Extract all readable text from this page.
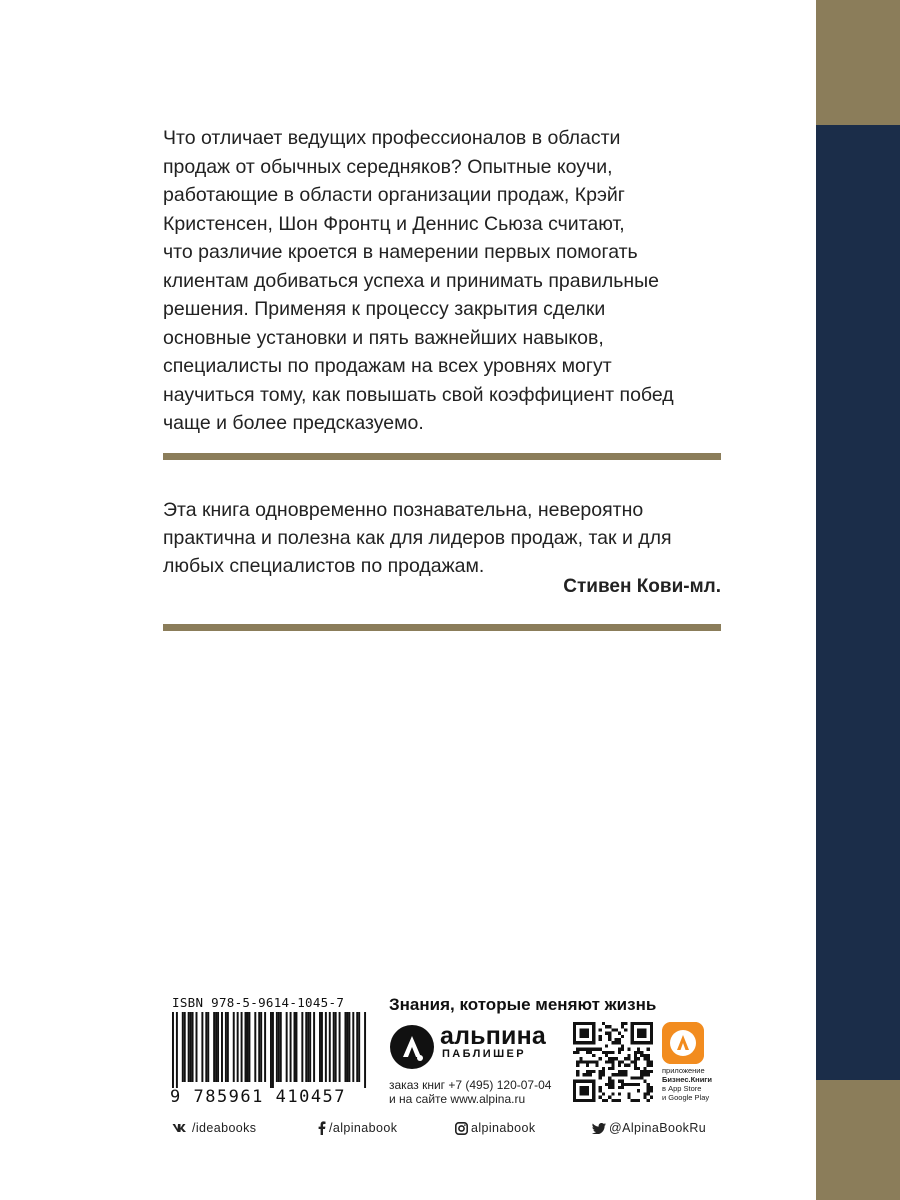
Что отличает ведущих профессионалов в области
продаж от обычных середняков? Опытные коучи,
работающие в области организации продаж, Крэйг
Кристенсен, Шон Фронтц и Деннис Сьюза считают,
что различие кроется в намерении первых помогать
клиентам добиваться успеха и принимать правильные
решения. Применяя к процессу закрытия сделки
основные установки и пять важнейших навыков,
специалисты по продажам на всех уровнях могут
научиться тому, как повышать свой коэффициент побед
чаще и более предсказуемо.
Эта книга одновременно познавательна, невероятно
практична и полезна как для лидеров продаж, так и для
любых специалистов по продажам.
Стивен Кови-мл.
ISBN 978-5-9614-1045-7
9 785961 410457
Знания, которые меняют жизнь
альпина
ПАБЛИШЕР
заказ книг +7 (495) 120-07-04
и на сайте www.alpina.ru
приложение
Бизнес.Книги
в App Store
и Google Play
/ideabooks	/alpinabook	alpinabook	@AlpinaBookRu
